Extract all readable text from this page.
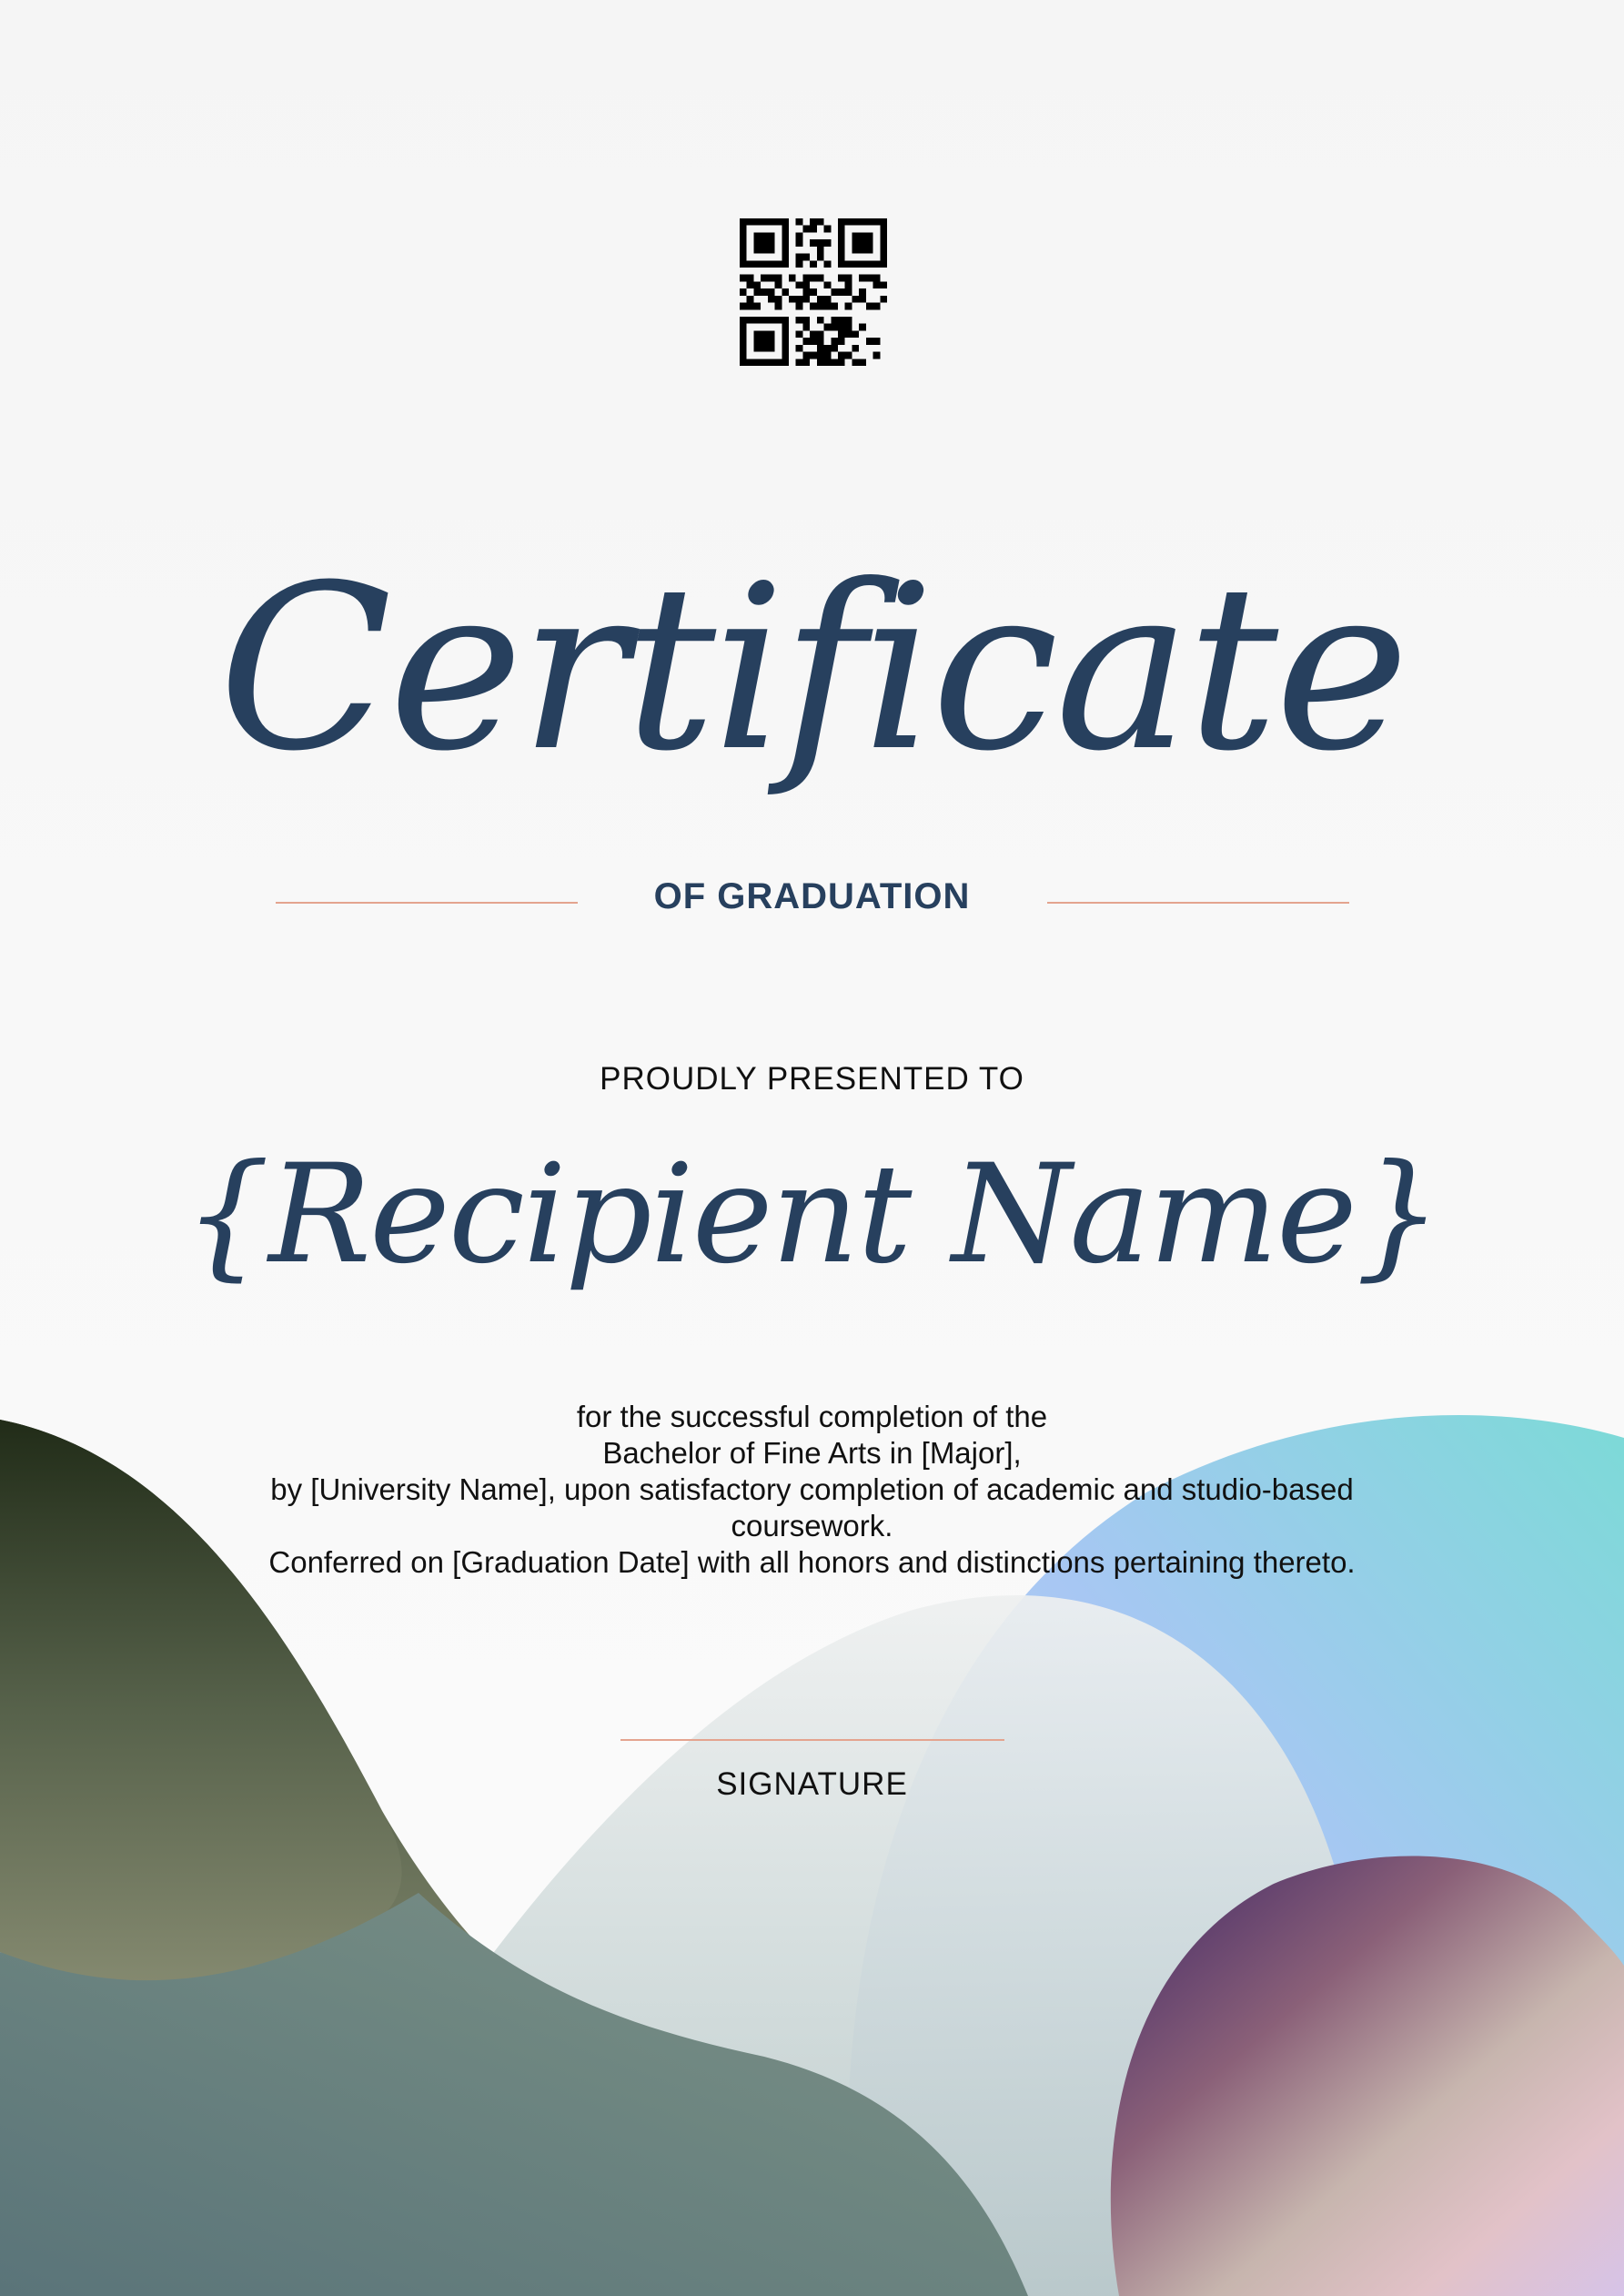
Certificate
OF GRADUATION
PROUDLY PRESENTED TO
{Recipient Name}
for the successful completion of the
Bachelor of Fine Arts in [Major],
by [University Name], upon satisfactory completion of academic and studio-based
coursework.
Conferred on [Graduation Date] with all honors and distinctions pertaining thereto.
SIGNATURE
